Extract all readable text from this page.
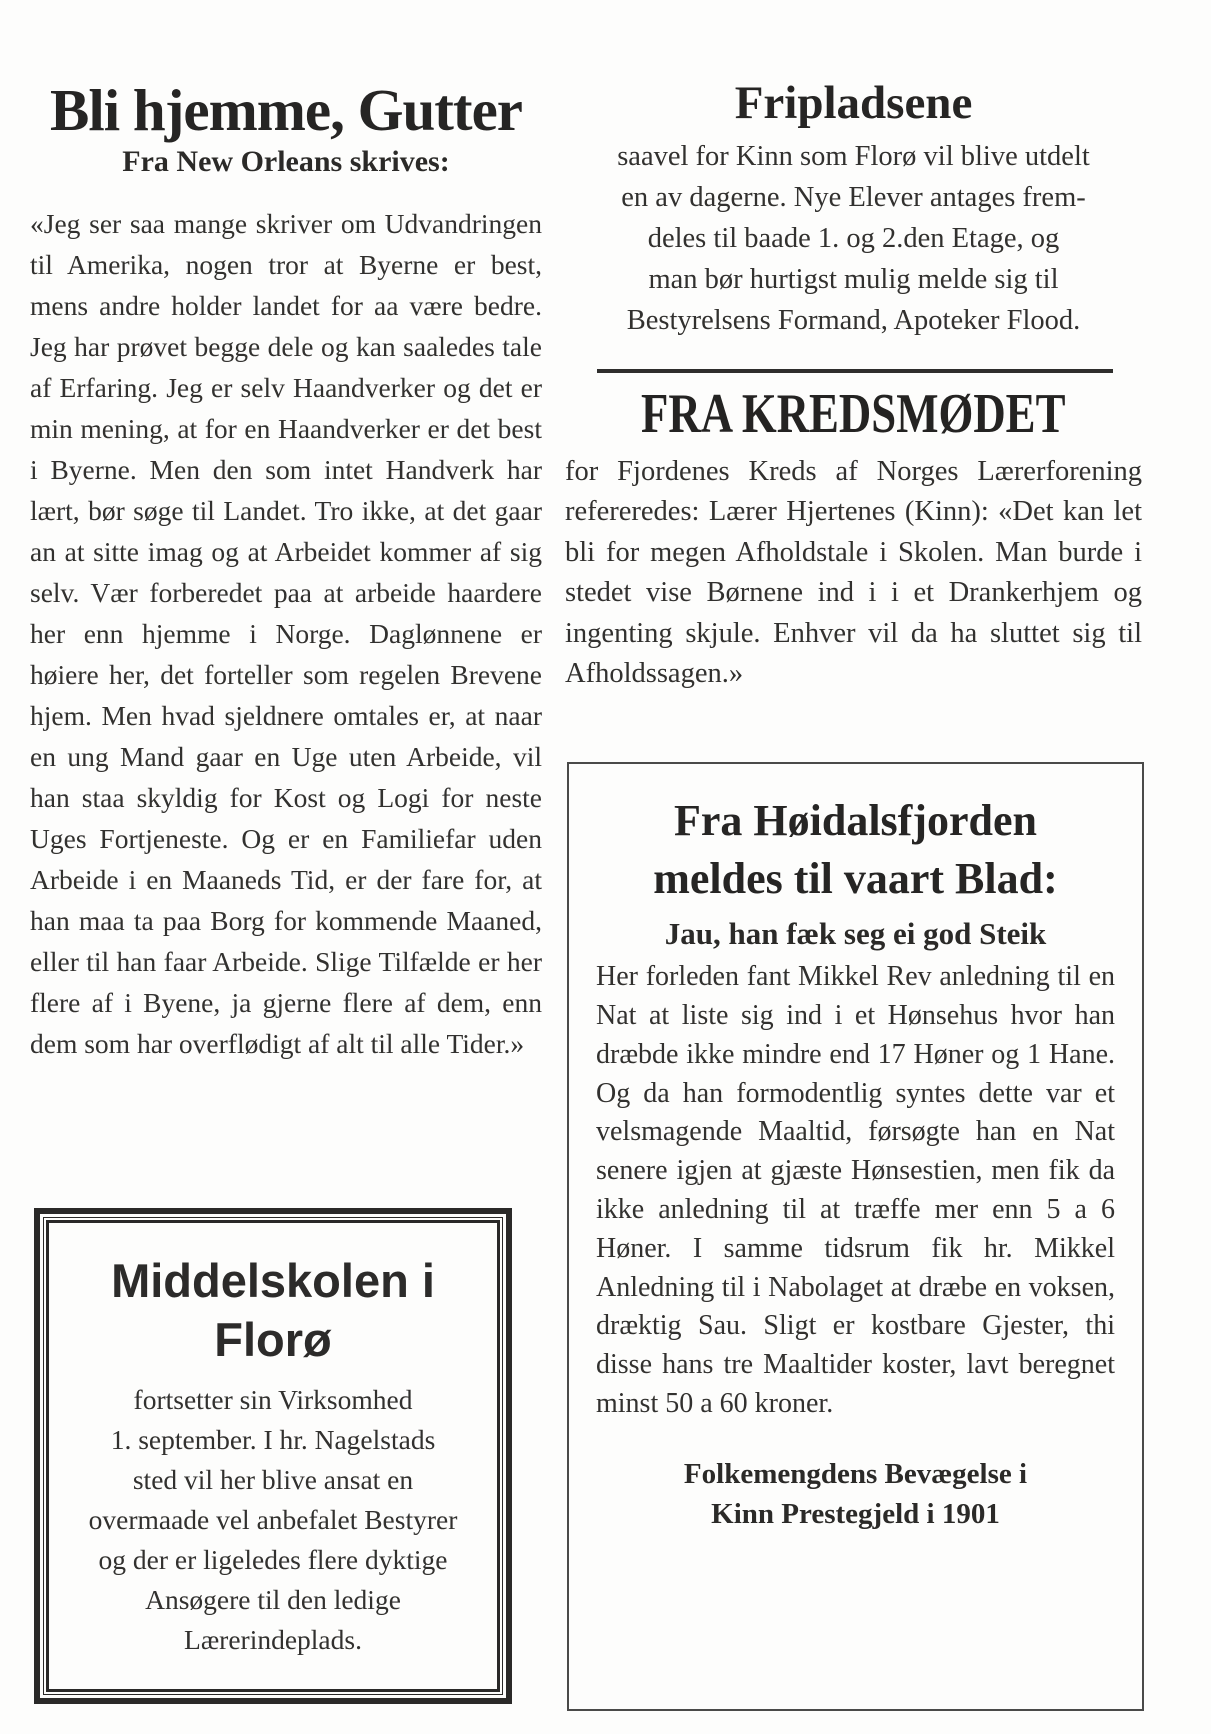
Bli hjemme, Gutter
Fra New Orleans skrives:
«Jeg ser saa mange skriver om Udvandringen til Amerika, nogen tror at Byerne er best, mens andre holder landet for aa være bedre. Jeg har prøvet begge dele og kan saaledes tale af Erfaring. Jeg er selv Haandverker og det er min mening, at for en Haandverker er det best i Byerne. Men den som intet Handverk har lært, bør søge til Landet. Tro ikke, at det gaar an at sitte imag og at Arbeidet kommer af sig selv. Vær forberedet paa at arbeide haardere her enn hjemme i Norge. Daglønnene er høiere her, det forteller som regelen Brevene hjem. Men hvad sjeldnere omtales er, at naar en ung Mand gaar en Uge uten Arbeide, vil han staa skyldig for Kost og Logi for neste Uges Fortjeneste. Og er en Familiefar uden Arbeide i en Maaneds Tid, er der fare for, at han maa ta paa Borg for kommende Maaned, eller til han faar Arbeide. Slige Tilfælde er her flere af i Byene, ja gjerne flere af dem, enn dem som har overflødigt af alt til alle Tider.»
Middelskolen i
Florø
fortsetter sin Virksomhed
1. september. I hr. Nagelstads
sted vil her blive ansat en
overmaade vel anbefalet Bestyrer
og der er ligeledes flere dyktige
Ansøgere til den ledige
Lærerindeplads.
Fripladsene
saavel for Kinn som Florø vil blive utdelt
en av dagerne. Nye Elever antages frem-
deles til baade 1. og 2.den Etage, og
man bør hurtigst mulig melde sig til
Bestyrelsens Formand, Apoteker Flood.
FRA KREDSMØDET
for Fjordenes Kreds af Norges Lærerforening refereredes: Lærer Hjertenes (Kinn): «Det kan let bli for megen Afholdstale i Skolen. Man burde i stedet vise Børnene ind i i et Drankerhjem og ingenting skjule. Enhver vil da ha sluttet sig til Afholdssagen.»
Fra Høidalsfjorden
meldes til vaart Blad:
Jau, han fæk seg ei god Steik
Her forleden fant Mikkel Rev anledning til en Nat at liste sig ind i et Hønsehus hvor han dræbde ikke mindre end 17 Høner og 1 Hane. Og da han formodentlig syntes dette var et velsmagende Maaltid, førsøgte han en Nat senere igjen at gjæste Hønsestien, men fik da ikke anledning til at træffe mer enn 5 a 6 Høner. I samme tidsrum fik hr. Mikkel Anledning til i Nabolaget at dræbe en voksen, dræktig Sau. Sligt er kostbare Gjester, thi disse hans tre Maaltider koster, lavt beregnet minst 50 a 60 kroner.
Folkemengdens Bevægelse i
Kinn Prestegjeld i 1901
